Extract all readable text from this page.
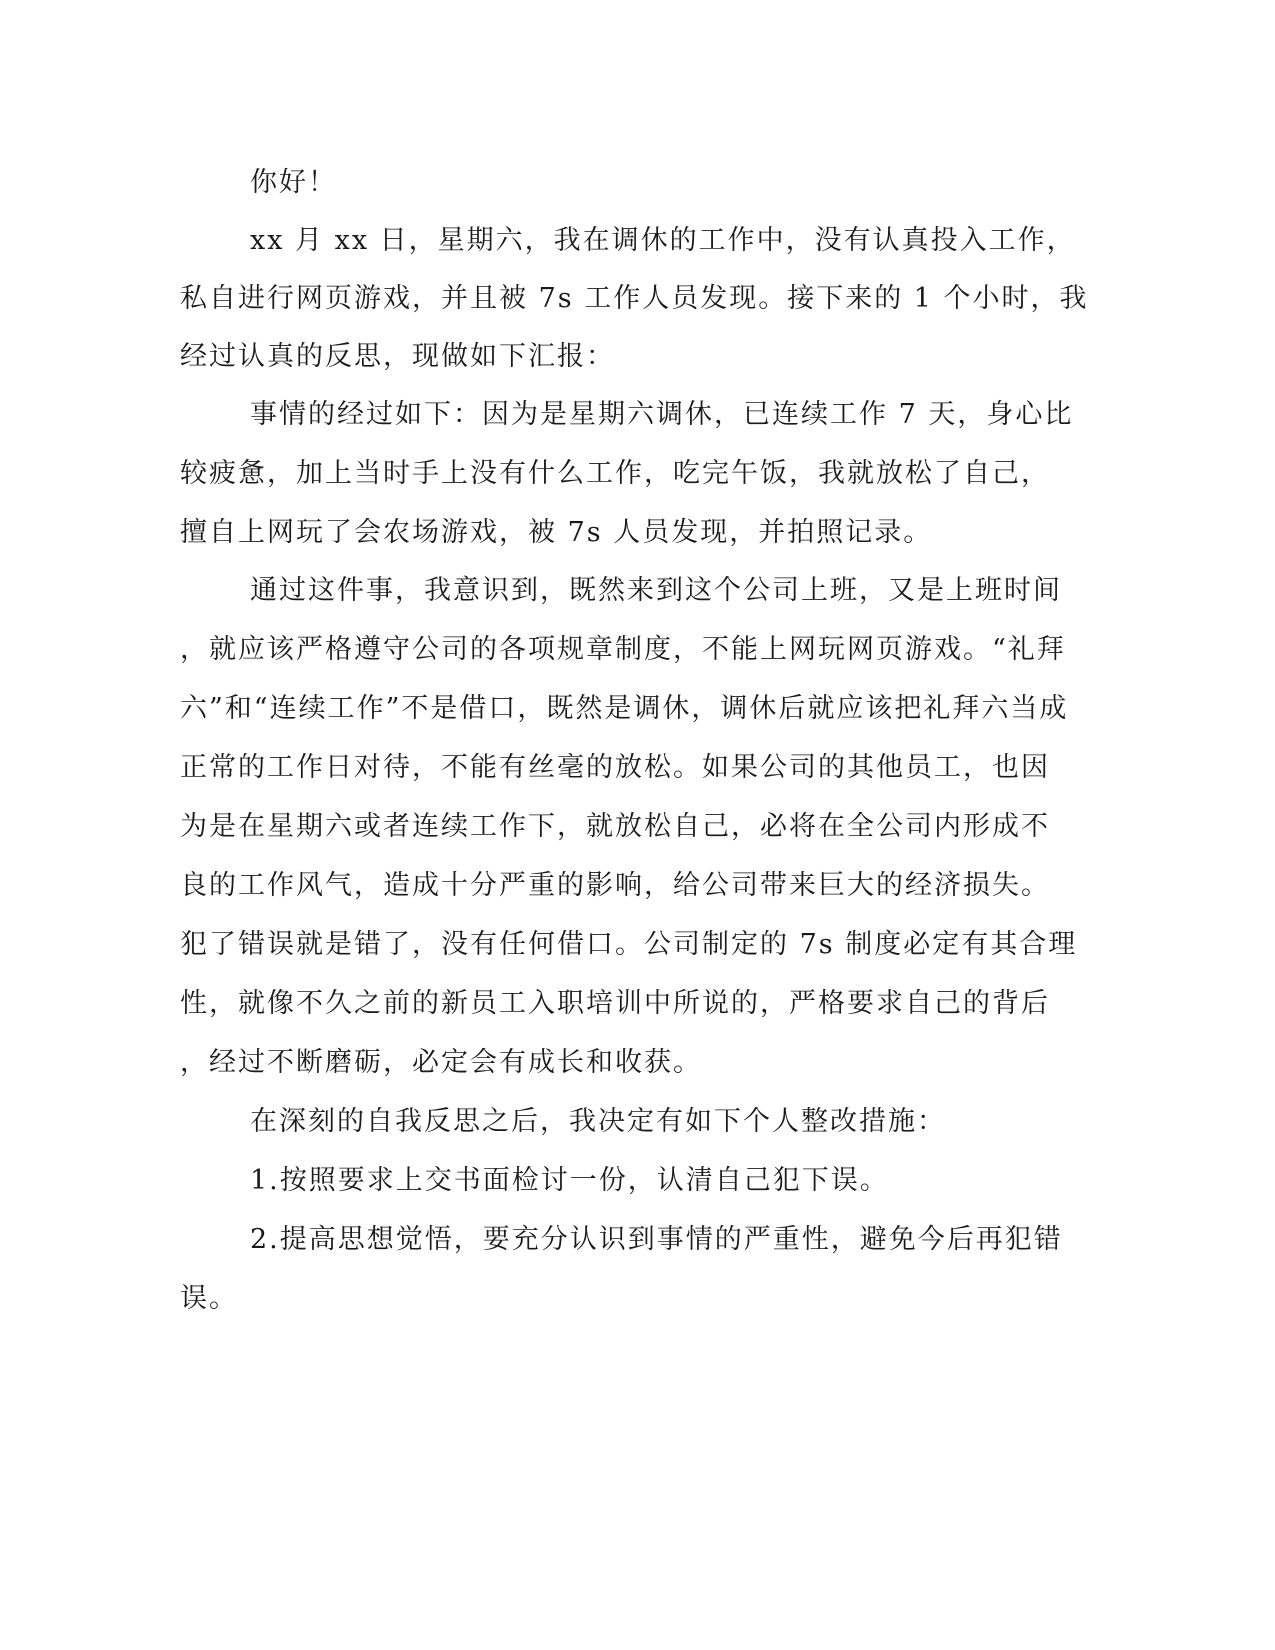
你好！
xx 月 xx 日，星期六，我在调休的工作中，没有认真投入工作，
私自进行网页游戏，并且被 7s 工作人员发现。接下来的 1 个小时，我
经过认真的反思，现做如下汇报：
事情的经过如下：因为是星期六调休，已连续工作 7 天，身心比
较疲惫，加上当时手上没有什么工作，吃完午饭，我就放松了自己，
擅自上网玩了会农场游戏，被 7s 人员发现，并拍照记录。
通过这件事，我意识到，既然来到这个公司上班，又是上班时间
，就应该严格遵守公司的各项规章制度，不能上网玩网页游戏。“礼拜
六”和“连续工作”不是借口，既然是调休，调休后就应该把礼拜六当成
正常的工作日对待，不能有丝毫的放松。如果公司的其他员工，也因
为是在星期六或者连续工作下，就放松自己，必将在全公司内形成不
良的工作风气，造成十分严重的影响，给公司带来巨大的经济损失。
犯了错误就是错了，没有任何借口。公司制定的 7s 制度必定有其合理
性，就像不久之前的新员工入职培训中所说的，严格要求自己的背后
，经过不断磨砺，必定会有成长和收获。
在深刻的自我反思之后，我决定有如下个人整改措施：
1.按照要求上交书面检讨一份，认清自己犯下误。
2.提高思想觉悟，要充分认识到事情的严重性，避免今后再犯错
误。
